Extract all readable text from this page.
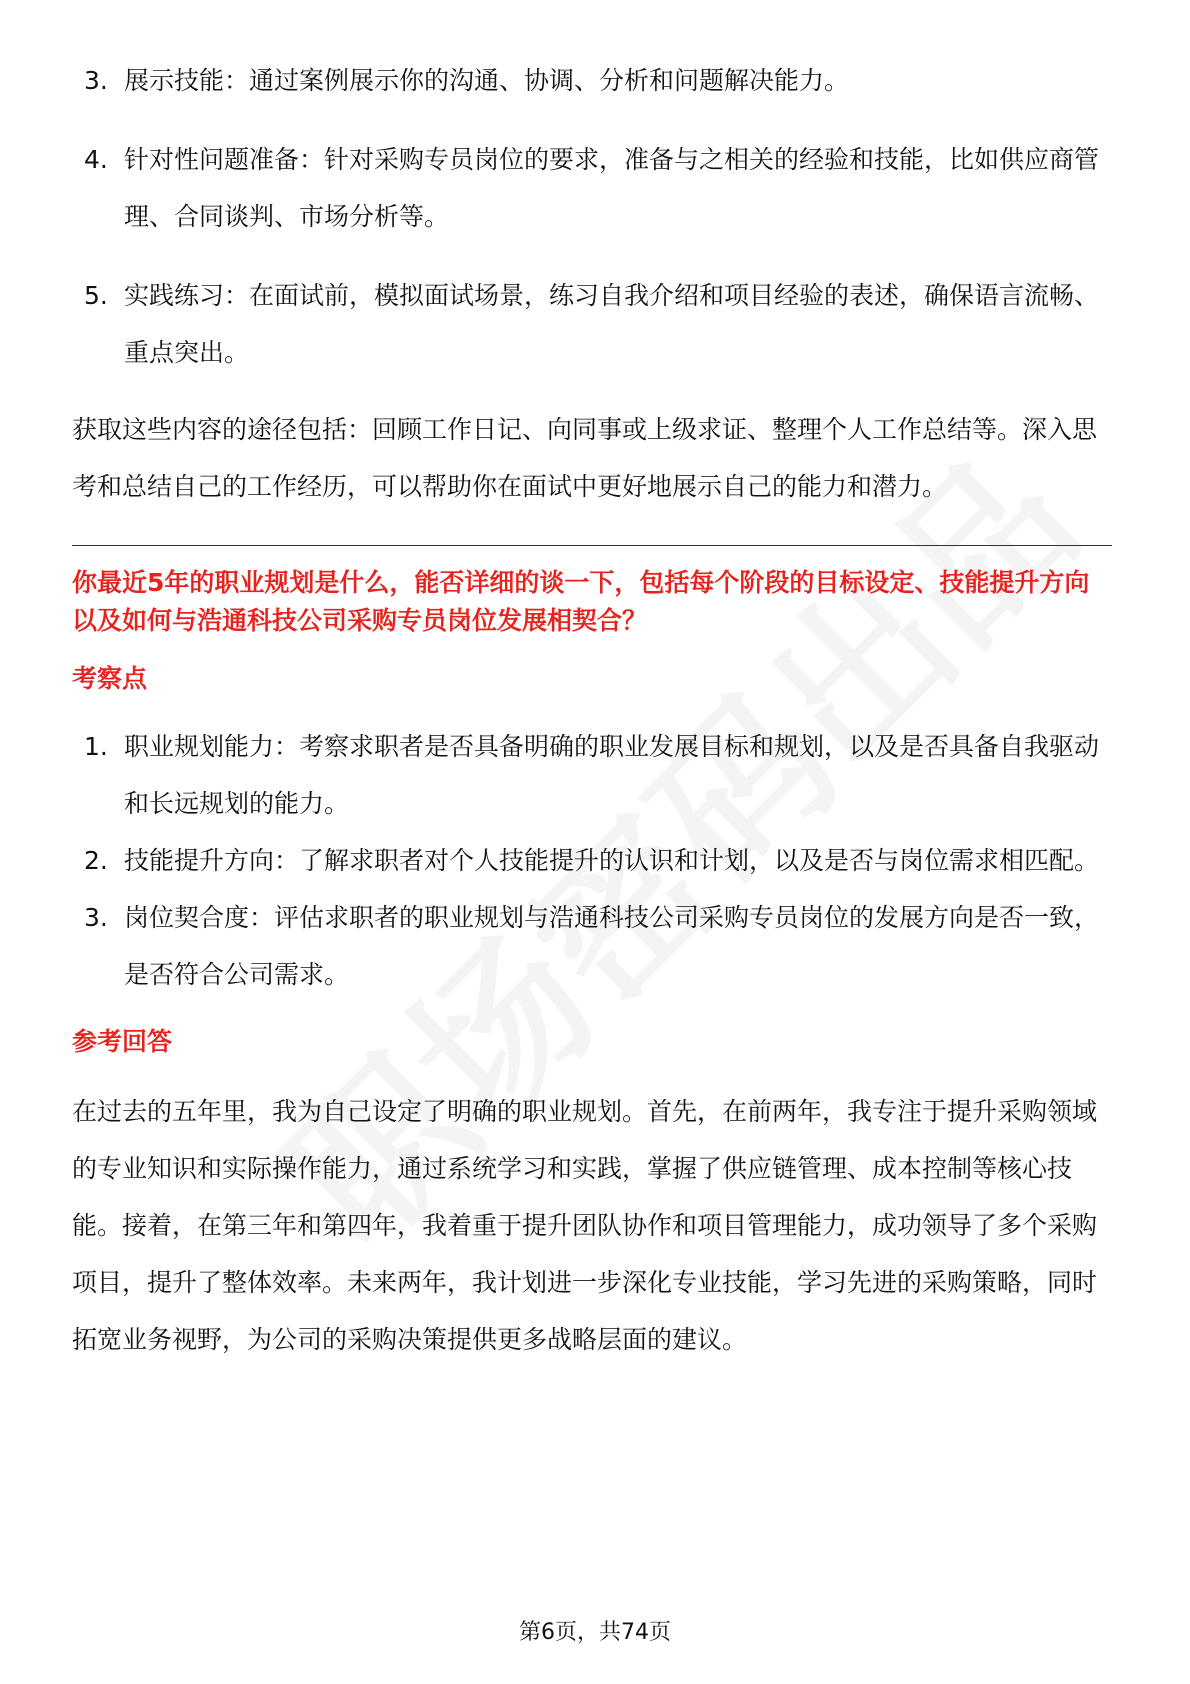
3. 展示技能：通过案例展示你的沟通、协调、分析和问题解决能力。
4. 针对性问题准备：针对采购专员岗位的要求，准备与之相关的经验和技能，比如供应商管理、合同谈判、市场分析等。
5. 实践练习：在面试前，模拟面试场景，练习自我介绍和项目经验的表述，确保语言流畅、重点突出。

获取这些内容的途径包括：回顾工作日记、向同事或上级求证、整理个人工作总结等。深入思考和总结自己的工作经历，可以帮助你在面试中更好地展示自己的能力和潜力。

你最近5年的职业规划是什么，能否详细的谈一下，包括每个阶段的目标设定、技能提升方向以及如何与浩通科技公司采购专员岗位发展相契合？

考察点

1. 职业规划能力：考察求职者是否具备明确的职业发展目标和规划，以及是否具备自我驱动和长远规划的能力。
2. 技能提升方向：了解求职者对个人技能提升的认识和计划，以及是否与岗位需求相匹配。
3. 岗位契合度：评估求职者的职业规划与浩通科技公司采购专员岗位的发展方向是否一致，是否符合公司需求。

参考回答

在过去的五年里，我为自己设定了明确的职业规划。首先，在前两年，我专注于提升采购领域的专业知识和实际操作能力，通过系统学习和实践，掌握了供应链管理、成本控制等核心技能。接着，在第三年和第四年，我着重于提升团队协作和项目管理能力，成功领导了多个采购项目，提升了整体效率。未来两年，我计划进一步深化专业技能，学习先进的采购策略，同时拓宽业务视野，为公司的采购决策提供更多战略层面的建议。

第6页，共74页
